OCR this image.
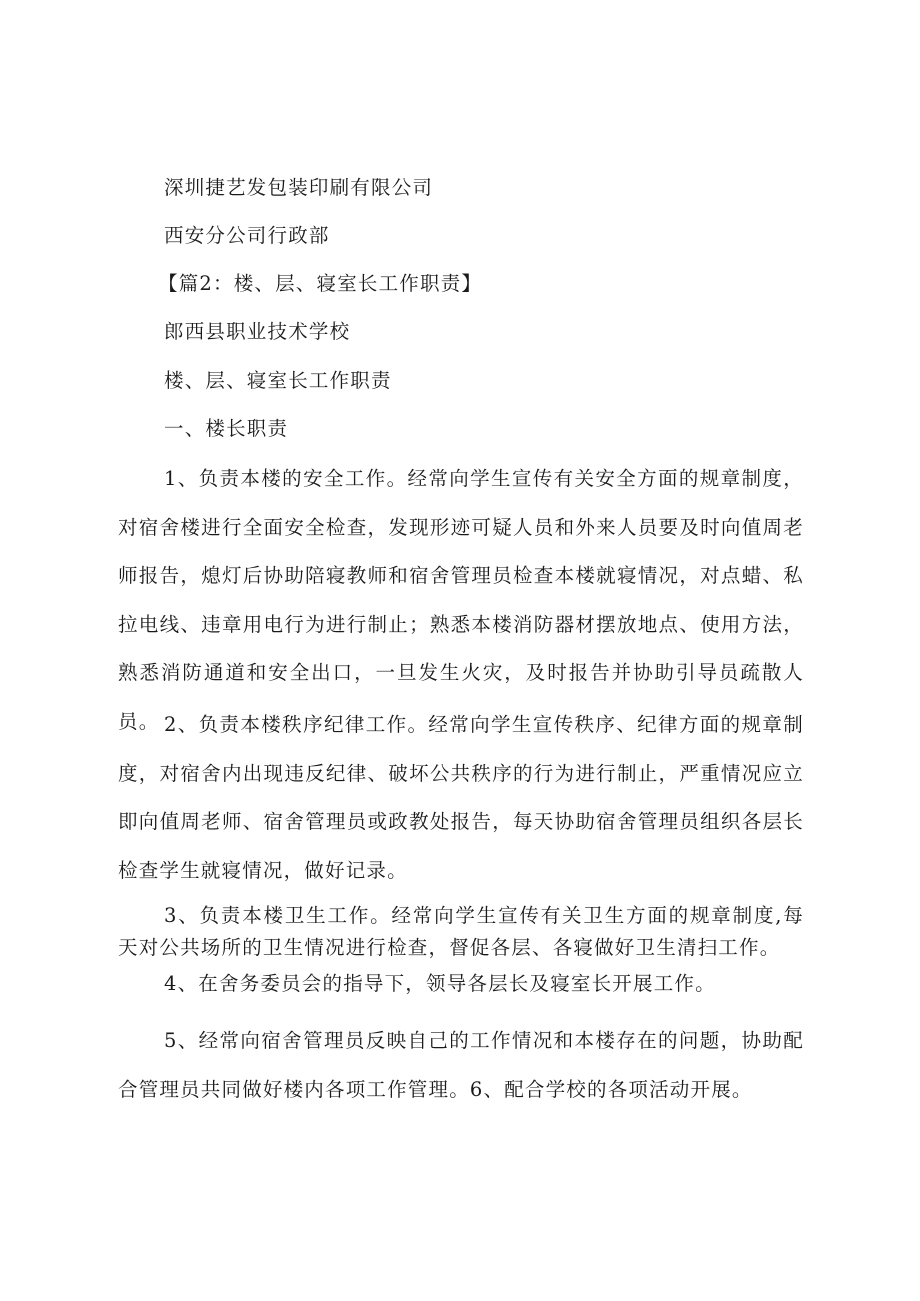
深圳捷艺发包装印刷有限公司
西安分公司行政部
【篇2：楼、层、寝室长工作职责】
郎西县职业技术学校
楼、层、寝室长工作职责
一、楼长职责
1、负责本楼的安全工作。经常向学生宣传有关安全方面的规章制度，对宿舍楼进行全面安全检查，发现形迹可疑人员和外来人员要及时向值周老师报告，熄灯后协助陪寝教师和宿舍管理员检查本楼就寝情况，对点蜡、私拉电线、违章用电行为进行制止；熟悉本楼消防器材摆放地点、使用方法，熟悉消防通道和安全出口，一旦发生火灾，及时报告并协助引导员疏散人员。 2、负责本楼秩序纪律工作。经常向学生宣传秩序、纪律方面的规章制度，对宿舍内出现违反纪律、破坏公共秩序的行为进行制止，严重情况应立即向值周老师、宿舍管理员或政教处报告，每天协助宿舍管理员组织各层长检查学生就寝情况，做好记录。
3、负责本楼卫生工作。经常向学生宣传有关卫生方面的规章制度,每天对公共场所的卫生情况进行检查，督促各层、各寝做好卫生清扫工作。
4、在舍务委员会的指导下，领导各层长及寝室长开展工作。
5、经常向宿舍管理员反映自己的工作情况和本楼存在的问题，协助配合管理员共同做好楼内各项工作管理。6、配合学校的各项活动开展。
